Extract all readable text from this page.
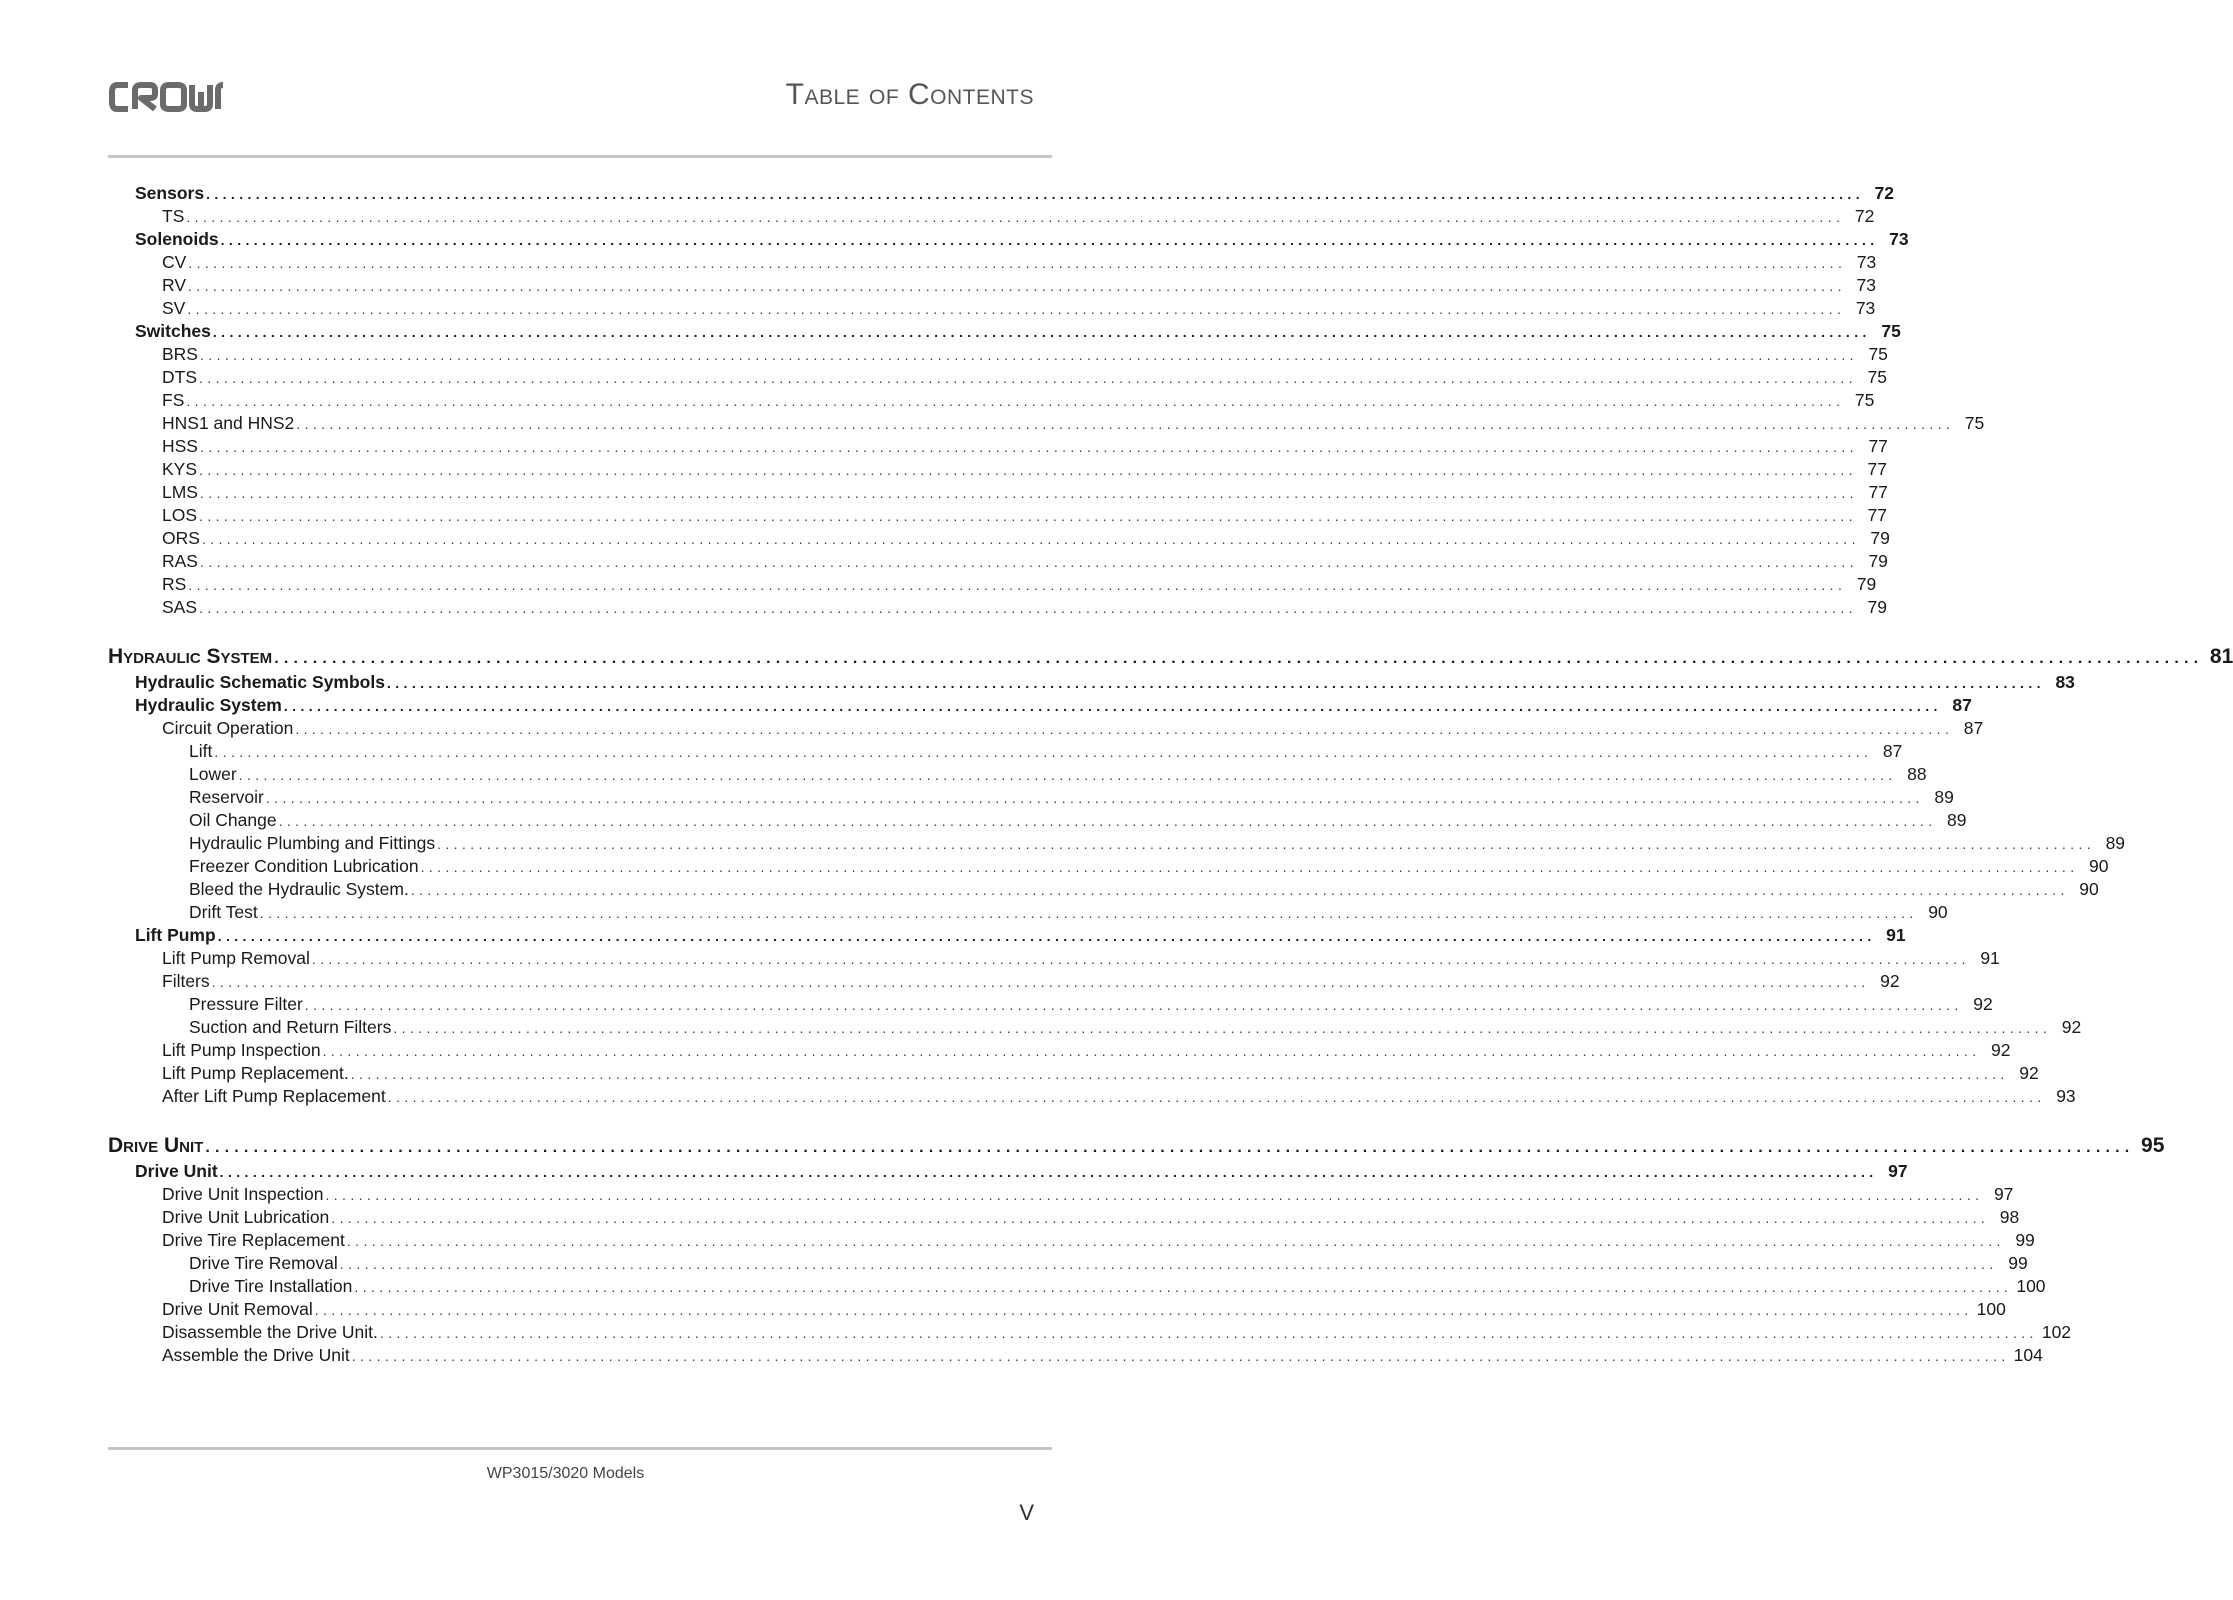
Table of Contents
Sensors ........................................................................................................................................................................................................ 72
TS ........................................................................................................................................................................................................ 72
Solenoids ........................................................................................................................................................................................................ 73
CV ........................................................................................................................................................................................................ 73
RV ........................................................................................................................................................................................................ 73
SV ........................................................................................................................................................................................................ 73
Switches ........................................................................................................................................................................................................ 75
BRS ........................................................................................................................................................................................................ 75
DTS ........................................................................................................................................................................................................ 75
FS ........................................................................................................................................................................................................ 75
HNS1 and HNS2 ........................................................................................................................................................................................................ 75
HSS ........................................................................................................................................................................................................ 77
KYS ........................................................................................................................................................................................................ 77
LMS ........................................................................................................................................................................................................ 77
LOS ........................................................................................................................................................................................................ 77
ORS ........................................................................................................................................................................................................ 79
RAS ........................................................................................................................................................................................................ 79
RS ........................................................................................................................................................................................................ 79
SAS ........................................................................................................................................................................................................ 79
Hydraulic System ........................................................................................................................................................................................................ 81
Hydraulic Schematic Symbols ........................................................................................................................................................................................................ 83
Hydraulic System ........................................................................................................................................................................................................ 87
Circuit Operation ........................................................................................................................................................................................................ 87
Lift ........................................................................................................................................................................................................ 87
Lower ........................................................................................................................................................................................................ 88
Reservoir ........................................................................................................................................................................................................ 89
Oil Change ........................................................................................................................................................................................................ 89
Hydraulic Plumbing and Fittings ........................................................................................................................................................................................................ 89
Freezer Condition Lubrication ........................................................................................................................................................................................................ 90
Bleed the Hydraulic System. ........................................................................................................................................................................................................ 90
Drift Test ........................................................................................................................................................................................................ 90
Lift Pump ........................................................................................................................................................................................................ 91
Lift Pump Removal ........................................................................................................................................................................................................ 91
Filters ........................................................................................................................................................................................................ 92
Pressure Filter ........................................................................................................................................................................................................ 92
Suction and Return Filters ........................................................................................................................................................................................................ 92
Lift Pump Inspection ........................................................................................................................................................................................................ 92
Lift Pump Replacement. ........................................................................................................................................................................................................ 92
After Lift Pump Replacement ........................................................................................................................................................................................................ 93
Drive Unit ........................................................................................................................................................................................................ 95
Drive Unit ........................................................................................................................................................................................................ 97
Drive Unit Inspection ........................................................................................................................................................................................................ 97
Drive Unit Lubrication ........................................................................................................................................................................................................ 98
Drive Tire Replacement ........................................................................................................................................................................................................ 99
Drive Tire Removal ........................................................................................................................................................................................................ 99
Drive Tire Installation ........................................................................................................................................................................................................ 100
Drive Unit Removal ........................................................................................................................................................................................................ 100
Disassemble the Drive Unit. ........................................................................................................................................................................................................ 102
Assemble the Drive Unit ........................................................................................................................................................................................................ 104
WP3015/3020 Models
V
